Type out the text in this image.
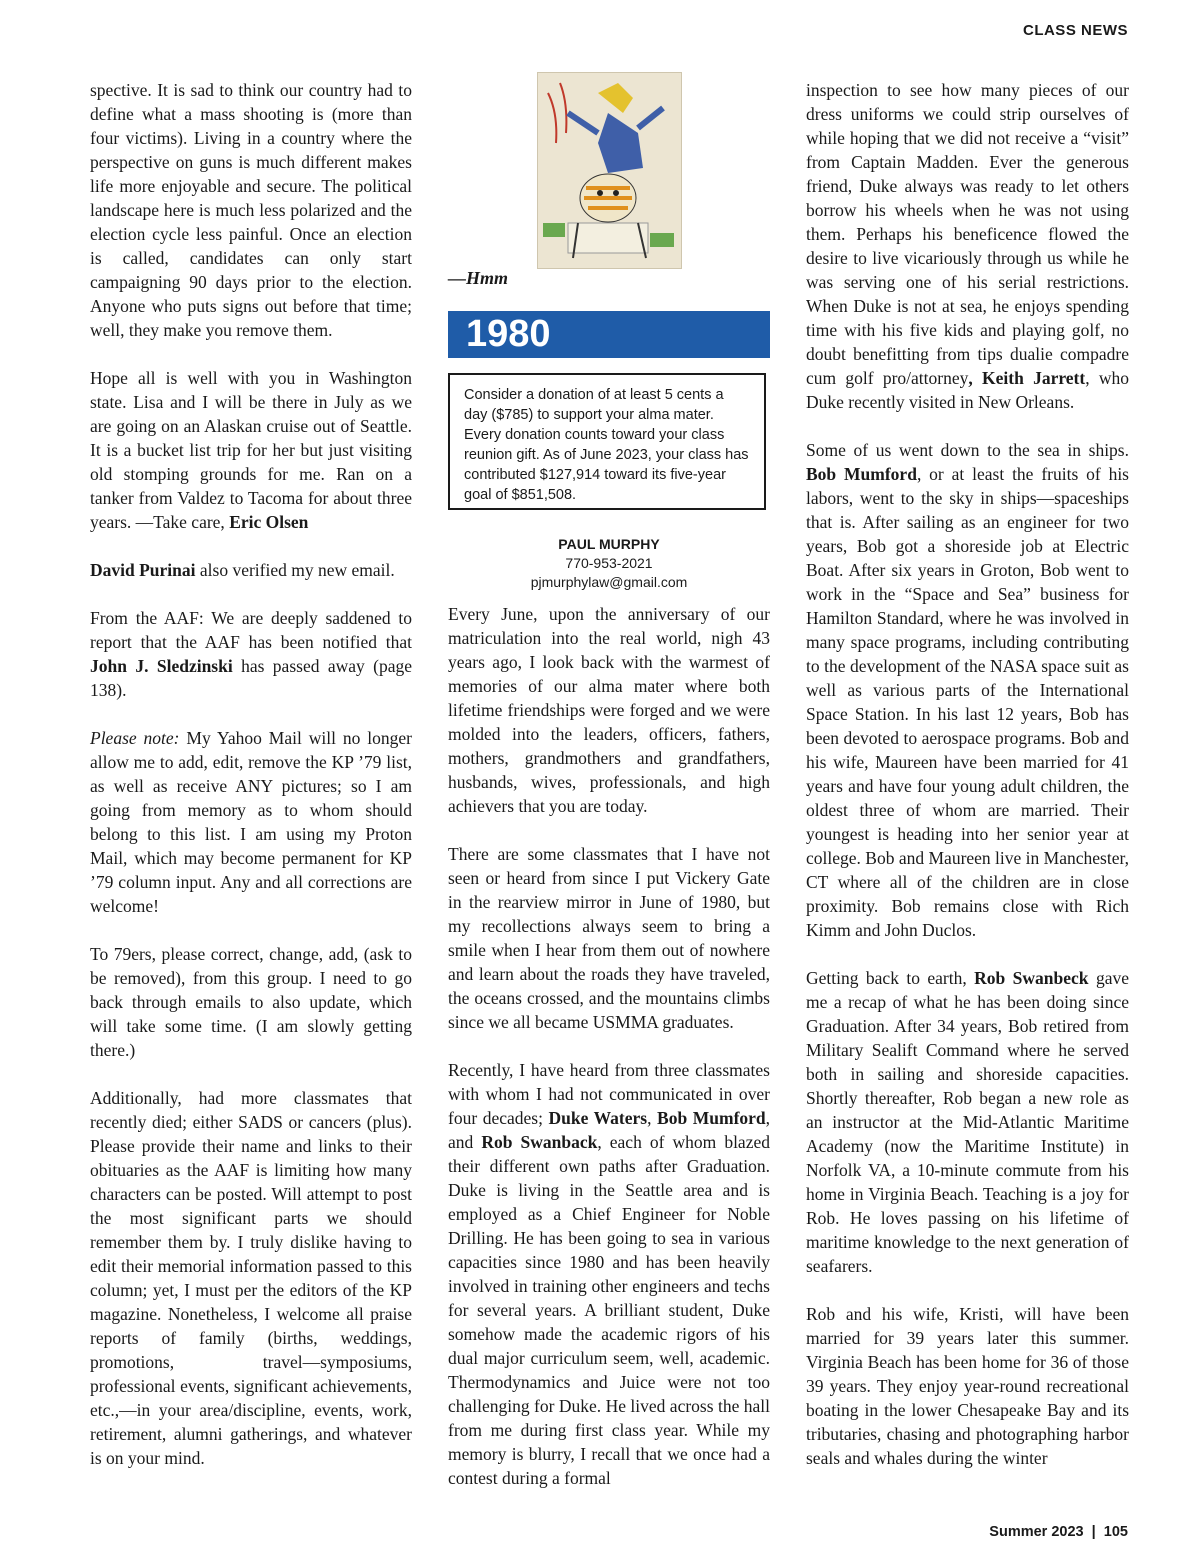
CLASS NEWS

spective. It is sad to think our country had to define what a mass shooting is (more than four victims). Living in a country where the perspective on guns is much different makes life more enjoyable and secure. The political landscape here is much less polarized and the election cycle less painful. Once an election is called, candidates can only start campaigning 90 days prior to the election. Anyone who puts signs out before that time; well, they make you remove them.

Hope all is well with you in Washington state. Lisa and I will be there in July as we are going on an Alaskan cruise out of Seattle. It is a bucket list trip for her but just visiting old stomping grounds for me. Ran on a tanker from Valdez to Tacoma for about three years. —Take care, Eric Olsen

David Purinai also verified my new email.

From the AAF: We are deeply saddened to report that the AAF has been notified that John J. Sledzinski has passed away (page 138).

Please note: My Yahoo Mail will no longer allow me to add, edit, remove the KP ’79 list, as well as receive ANY pictures; so I am going from memory as to whom should belong to this list. I am using my Proton Mail, which may become permanent for KP ’79 column input. Any and all corrections are welcome!

To 79ers, please correct, change, add, (ask to be removed), from this group. I need to go back through emails to also update, which will take some time. (I am slowly getting there.)

Additionally, had more classmates that recently died; either SADS or cancers (plus). Please provide their name and links to their obituaries as the AAF is limiting how many characters can be posted. Will attempt to post the most significant parts we should remember them by. I truly dislike having to edit their memorial information passed to this column; yet, I must per the editors of the KP magazine. Nonetheless, I welcome all praise reports of family (births, weddings, promotions, travel—symposiums, professional events, significant achievements, etc.,—in your area/discipline, events, work, retirement, alumni gatherings, and whatever is on your mind.

—Hmm
1980
Consider a donation of at least 5 cents a day ($785) to support your alma mater. Every donation counts toward your class reunion gift. As of June 2023, your class has contributed $127,914 toward its five-year goal of $851,508.
PAUL MURPHY
770-953-2021
pjmurphylaw@gmail.com

Every June, upon the anniversary of our matriculation into the real world, nigh 43 years ago, I look back with the warmest of memories of our alma mater where both lifetime friendships were forged and we were molded into the leaders, officers, fathers, mothers, grandmothers and grandfathers, husbands, wives, professionals, and high achievers that you are today.

There are some classmates that I have not seen or heard from since I put Vickery Gate in the rearview mirror in June of 1980, but my recollections always seem to bring a smile when I hear from them out of nowhere and learn about the roads they have traveled, the oceans crossed, and the mountains climbs since we all became USMMA graduates.

Recently, I have heard from three classmates with whom I had not communicated in over four decades; Duke Waters, Bob Mumford, and Rob Swanback, each of whom blazed their different own paths after Graduation. Duke is living in the Seattle area and is employed as a Chief Engineer for Noble Drilling. He has been going to sea in various capacities since 1980 and has been heavily involved in training other engineers and techs for several years. A brilliant student, Duke somehow made the academic rigors of his dual major curriculum seem, well, academic. Thermodynamics and Juice were not too challenging for Duke. He lived across the hall from me during first class year. While my memory is blurry, I recall that we once had a contest during a formal

inspection to see how many pieces of our dress uniforms we could strip ourselves of while hoping that we did not receive a “visit” from Captain Madden. Ever the generous friend, Duke always was ready to let others borrow his wheels when he was not using them. Perhaps his beneficence flowed the desire to live vicariously through us while he was serving one of his serial restrictions. When Duke is not at sea, he enjoys spending time with his five kids and playing golf, no doubt benefitting from tips dualie compadre cum golf pro/attorney, Keith Jarrett, who Duke recently visited in New Orleans.

Some of us went down to the sea in ships. Bob Mumford, or at least the fruits of his labors, went to the sky in ships—spaceships that is. After sailing as an engineer for two years, Bob got a shoreside job at Electric Boat. After six years in Groton, Bob went to work in the “Space and Sea” business for Hamilton Standard, where he was involved in many space programs, including contributing to the development of the NASA space suit as well as various parts of the International Space Station. In his last 12 years, Bob has been devoted to aerospace programs. Bob and his wife, Maureen have been married for 41 years and have four young adult children, the oldest three of whom are married. Their youngest is heading into her senior year at college. Bob and Maureen live in Manchester, CT where all of the children are in close proximity. Bob remains close with Rich Kimm and John Duclos.

Getting back to earth, Rob Swanbeck gave me a recap of what he has been doing since Graduation. After 34 years, Bob retired from Military Sealift Command where he served both in sailing and shoreside capacities. Shortly thereafter, Rob began a new role as an instructor at the Mid-Atlantic Maritime Academy (now the Maritime Institute) in Norfolk VA, a 10-minute commute from his home in Virginia Beach. Teaching is a joy for Rob. He loves passing on his lifetime of maritime knowledge to the next generation of seafarers.

Rob and his wife, Kristi, will have been married for 39 years later this summer. Virginia Beach has been home for 36 of those 39 years. They enjoy year-round recreational boating in the lower Chesapeake Bay and its tributaries, chasing and photographing harbor seals and whales during the winter

Summer 2023 | 105
